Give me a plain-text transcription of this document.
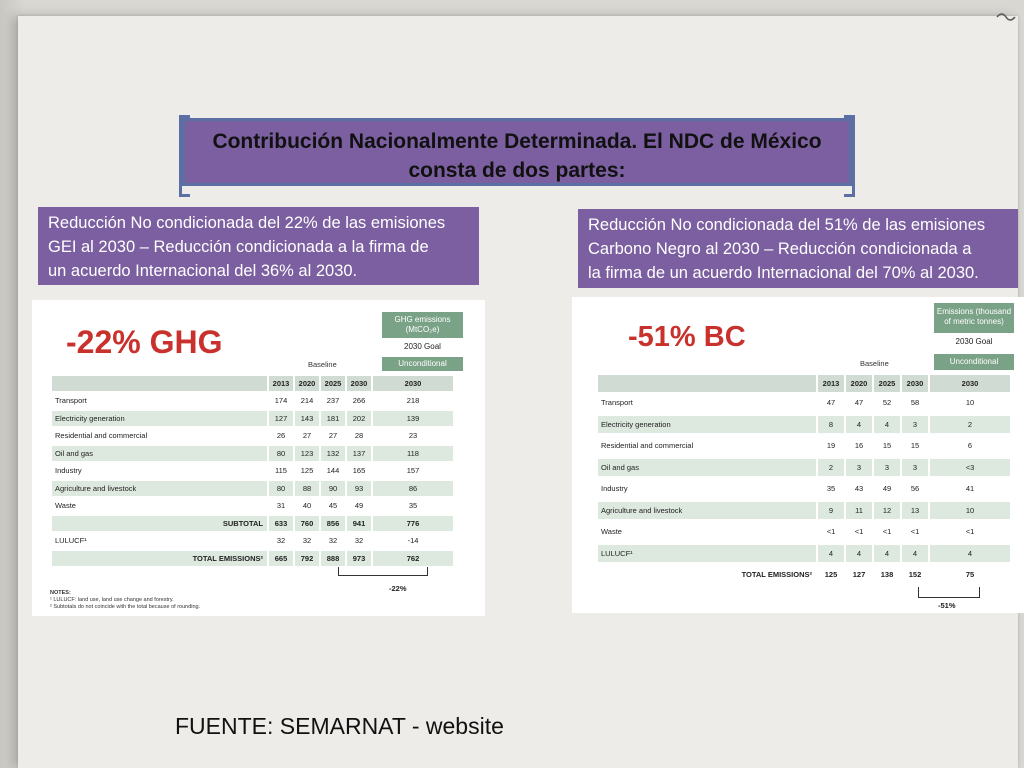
Contribución Nacionalmente Determinada. El NDC de México
consta de dos partes:
Reducción No condicionada del 22% de las emisiones
GEI al 2030 – Reducción condicionada a la firma de
un acuerdo Internacional del 36% al 2030.
Reducción No condicionada del 51% de las emisiones
Carbono Negro al 2030 – Reducción condicionada a
la firma de un acuerdo Internacional del 70% al 2030.
-22% GHG
GHG emissions (MtCO₂e)
2030 Goal
Unconditional
Baseline
2013	2020	2025	2030	2030
Transport	174	214	237	266	218
Electricity generation	127	143	181	202	139
Residential and commercial	26	27	27	28	23
Oil and gas	80	123	132	137	118
Industry	115	125	144	165	157
Agriculture and livestock	80	88	90	93	86
Waste	31	40	45	49	35
SUBTOTAL	633	760	856	941	776
LULUCF¹	32	32	32	32	-14
TOTAL EMISSIONS²	665	792	888	973	762
-22%
NOTES:
¹ LULUCF: land use, land use change and forestry.
² Subtotals do not coincide with the total because of rounding.
-51% BC
Emissions (thousand of metric tonnes)
2030 Goal
Unconditional
Baseline
2013	2020	2025	2030	2030
Transport	47	47	52	58	10
Electricity generation	8	4	4	3	2
Residential and commercial	19	16	15	15	6
Oil and gas	2	3	3	3	<3
Industry	35	43	49	56	41
Agriculture and livestock	9	11	12	13	10
Waste	<1	<1	<1	<1	<1
LULUCF¹	4	4	4	4	4
TOTAL EMISSIONS²	125	127	138	152	75
-51%
FUENTE: SEMARNAT - website
